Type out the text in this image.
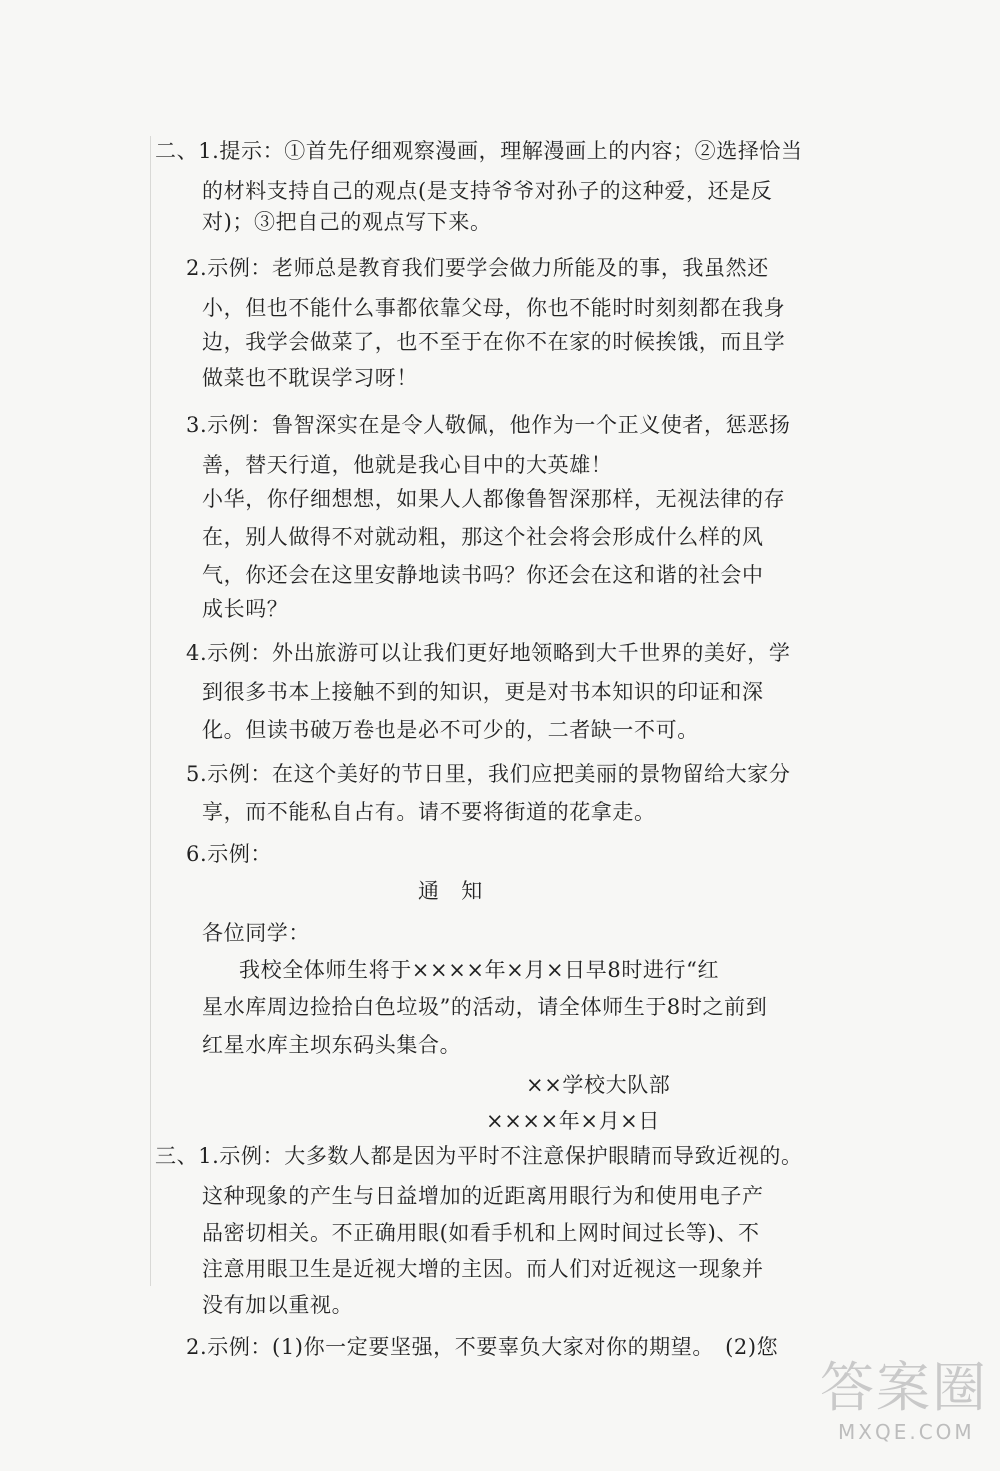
二、1.提示：①首先仔细观察漫画，理解漫画上的内容；②选择恰当
的材料支持自己的观点(是支持爷爷对孙子的这种爱，还是反
对)；③把自己的观点写下来。
2.示例：老师总是教育我们要学会做力所能及的事，我虽然还
小，但也不能什么事都依靠父母，你也不能时时刻刻都在我身
边，我学会做菜了，也不至于在你不在家的时候挨饿，而且学
做菜也不耽误学习呀！
3.示例：鲁智深实在是令人敬佩，他作为一个正义使者，惩恶扬
善，替天行道，他就是我心目中的大英雄！
小华，你仔细想想，如果人人都像鲁智深那样，无视法律的存
在，别人做得不对就动粗，那这个社会将会形成什么样的风
气，你还会在这里安静地读书吗？你还会在这和谐的社会中
成长吗？
4.示例：外出旅游可以让我们更好地领略到大千世界的美好，学
到很多书本上接触不到的知识，更是对书本知识的印证和深
化。但读书破万卷也是必不可少的，二者缺一不可。
5.示例：在这个美好的节日里，我们应把美丽的景物留给大家分
享，而不能私自占有。请不要将街道的花拿走。
6.示例：
通　知
各位同学：
我校全体师生将于××××年×月×日早8时进行“红
星水库周边捡拾白色垃圾”的活动，请全体师生于8时之前到
红星水库主坝东码头集合。
××学校大队部
××××年×月×日
三、1.示例：大多数人都是因为平时不注意保护眼睛而导致近视的。
这种现象的产生与日益增加的近距离用眼行为和使用电子产
品密切相关。不正确用眼(如看手机和上网时间过长等)、不
注意用眼卫生是近视大增的主因。而人们对近视这一现象并
没有加以重视。
2.示例：(1)你一定要坚强，不要辜负大家对你的期望。　(2)您
答案圈
MXQE.COM
